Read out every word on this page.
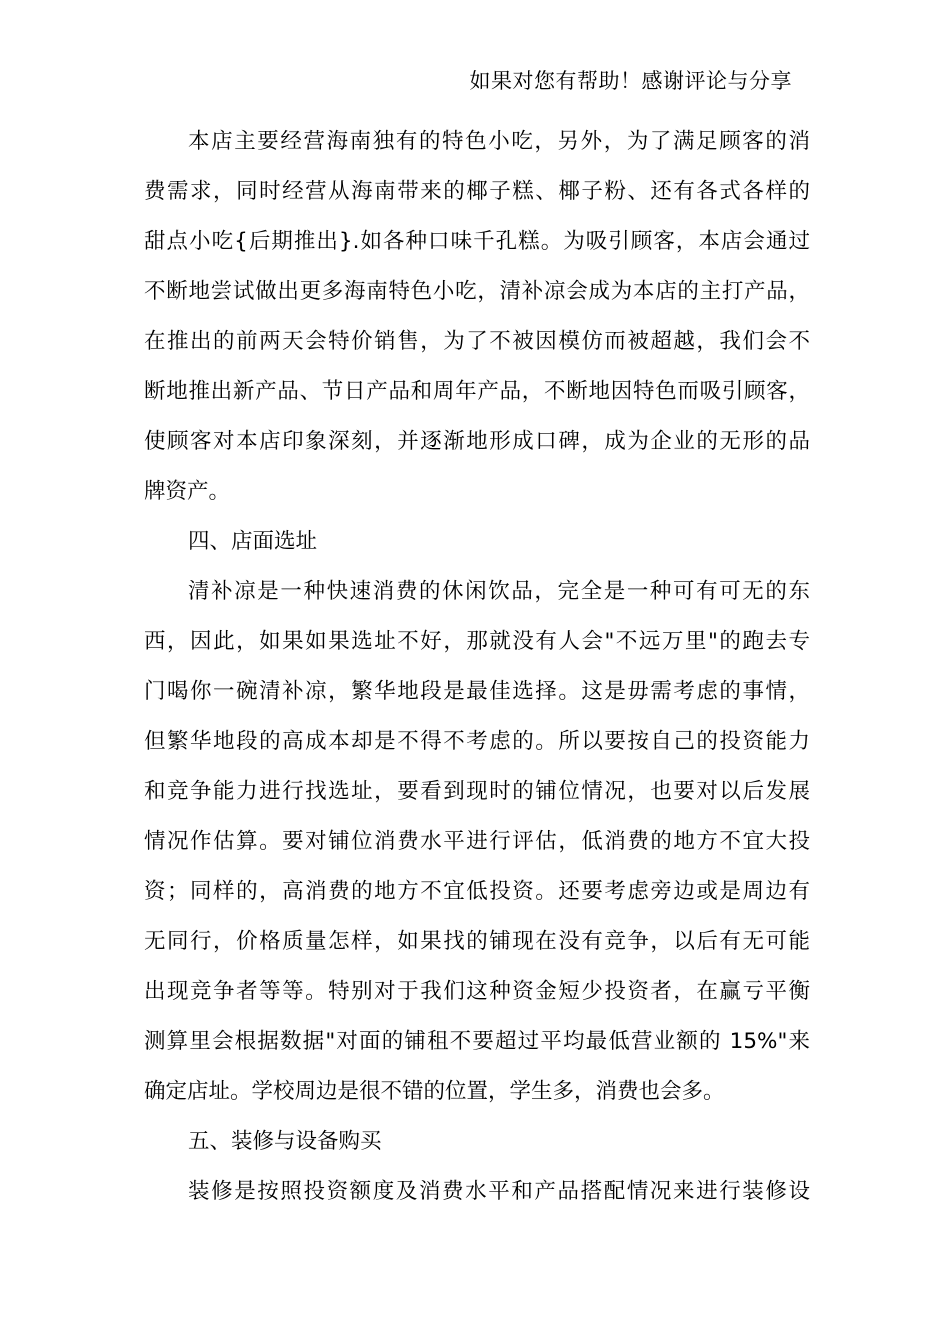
如果对您有帮助！感谢评论与分享
本店主要经营海南独有的特色小吃，另外，为了满足顾客的消
费需求，同时经营从海南带来的椰子糕、椰子粉、还有各式各样的
甜点小吃{后期推出}.如各种口味千孔糕。为吸引顾客，本店会通过
不断地尝试做出更多海南特色小吃，清补凉会成为本店的主打产品，
在推出的前两天会特价销售，为了不被因模仿而被超越，我们会不
断地推出新产品、节日产品和周年产品，不断地因特色而吸引顾客，
使顾客对本店印象深刻，并逐渐地形成口碑，成为企业的无形的品
牌资产。
四、店面选址
清补凉是一种快速消费的休闲饮品，完全是一种可有可无的东
西，因此，如果如果选址不好，那就没有人会"不远万里"的跑去专
门喝你一碗清补凉，繁华地段是最佳选择。这是毋需考虑的事情，
但繁华地段的高成本却是不得不考虑的。所以要按自己的投资能力
和竞争能力进行找选址，要看到现时的铺位情况，也要对以后发展
情况作估算。要对铺位消费水平进行评估，低消费的地方不宜大投
资；同样的，高消费的地方不宜低投资。还要考虑旁边或是周边有
无同行，价格质量怎样，如果找的铺现在没有竞争，以后有无可能
出现竞争者等等。特别对于我们这种资金短少投资者，在赢亏平衡
测算里会根据数据"对面的铺租不要超过平均最低营业额的 15%"来
确定店址。学校周边是很不错的位置，学生多，消费也会多。
五、装修与设备购买
装修是按照投资额度及消费水平和产品搭配情况来进行装修设
